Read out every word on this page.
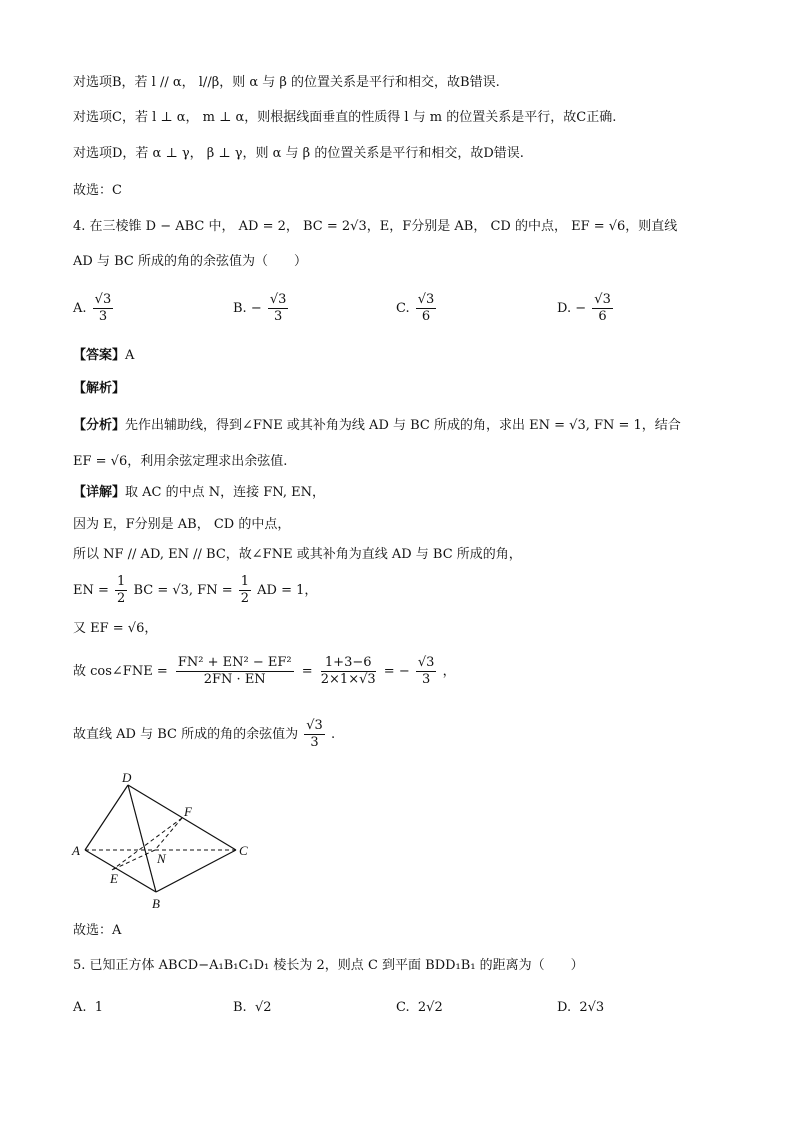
对选项B，若 l // α， l//β，则 α 与 β 的位置关系是平行和相交，故B错误.
对选项C，若 l ⊥ α， m ⊥ α，则根据线面垂直的性质得 l 与 m 的位置关系是平行，故C正确.
对选项D，若 α ⊥ γ， β ⊥ γ，则 α 与 β 的位置关系是平行和相交，故D错误.
故选：C
4. 在三棱锥 D − ABC 中， AD = 2， BC = 2√3，E，F分别是 AB， CD 的中点， EF = √6，则直线
AD 与 BC 所成的角的余弦值为（　　）
A. $\frac{√3}{3}$	B. − $\frac{√3}{3}$	C. $\frac{√3}{6}$	D. − $\frac{√3}{6}$
【答案】A
【解析】
【分析】先作出辅助线，得到∠FNE 或其补角为线 AD 与 BC 所成的角，求出 EN = √3, FN = 1，结合
EF = √6，利用余弦定理求出余弦值.
【详解】取 AC 的中点 N，连接 FN, EN，
因为 E，F分别是 AB， CD 的中点，
所以 NF // AD, EN // BC，故∠FNE 或其补角为直线 AD 与 BC 所成的角，
EN = $\frac{1}{2}$ BC = √3, FN = $\frac{1}{2}$ AD = 1，
又 EF = √6，
故 cos∠FNE = $\frac{\text{FN² + EN² − EF²}}{2FN \cdot EN} = \frac{1+3-6}{2\times 1\times√3}$ = − $\frac{√3}{3}$ ，
故直线 AD 与 BC 所成的角的余弦值为 $\frac{√3}{3}$ .
D
F
A
N
C
E
B
故选：A
5. 已知正方体 ABCD−A₁B₁C₁D₁ 棱长为 2，则点 C 到平面 BDD₁B₁ 的距离为（　　）
A. 1	B. √2	C. 2√2	D. 2√3
